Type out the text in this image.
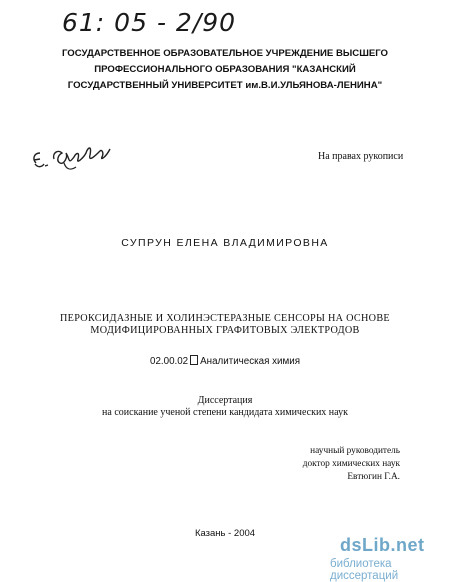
61: 05 - 2/90
ГОСУДАРСТВЕННОЕ ОБРАЗОВАТЕЛЬНОЕ УЧРЕЖДЕНИЕ ВЫСШЕГО
ПРОФЕССИОНАЛЬНОГО ОБРАЗОВАНИЯ "КАЗАНСКИЙ
ГОСУДАРСТВЕННЫЙ УНИВЕРСИТЕТ им.В.И.УЛЬЯНОВА-ЛЕНИНА"
На правах рукописи
СУПРУН ЕЛЕНА ВЛАДИМИРОВНА
ПЕРОКСИДАЗНЫЕ И ХОЛИНЭСТЕРАЗНЫЕ СЕНСОРЫ НА ОСНОВЕ
МОДИФИЦИРОВАННЫХ ГРАФИТОВЫХ ЭЛЕКТРОДОВ
02.00.02 Аналитическая химия
Диссертация
на соискание ученой степени кандидата химических наук
научный руководитель
доктор химических наук
Евтюгин Г.А.
Казань - 2004
dsLib.net
библиотека диссертаций
